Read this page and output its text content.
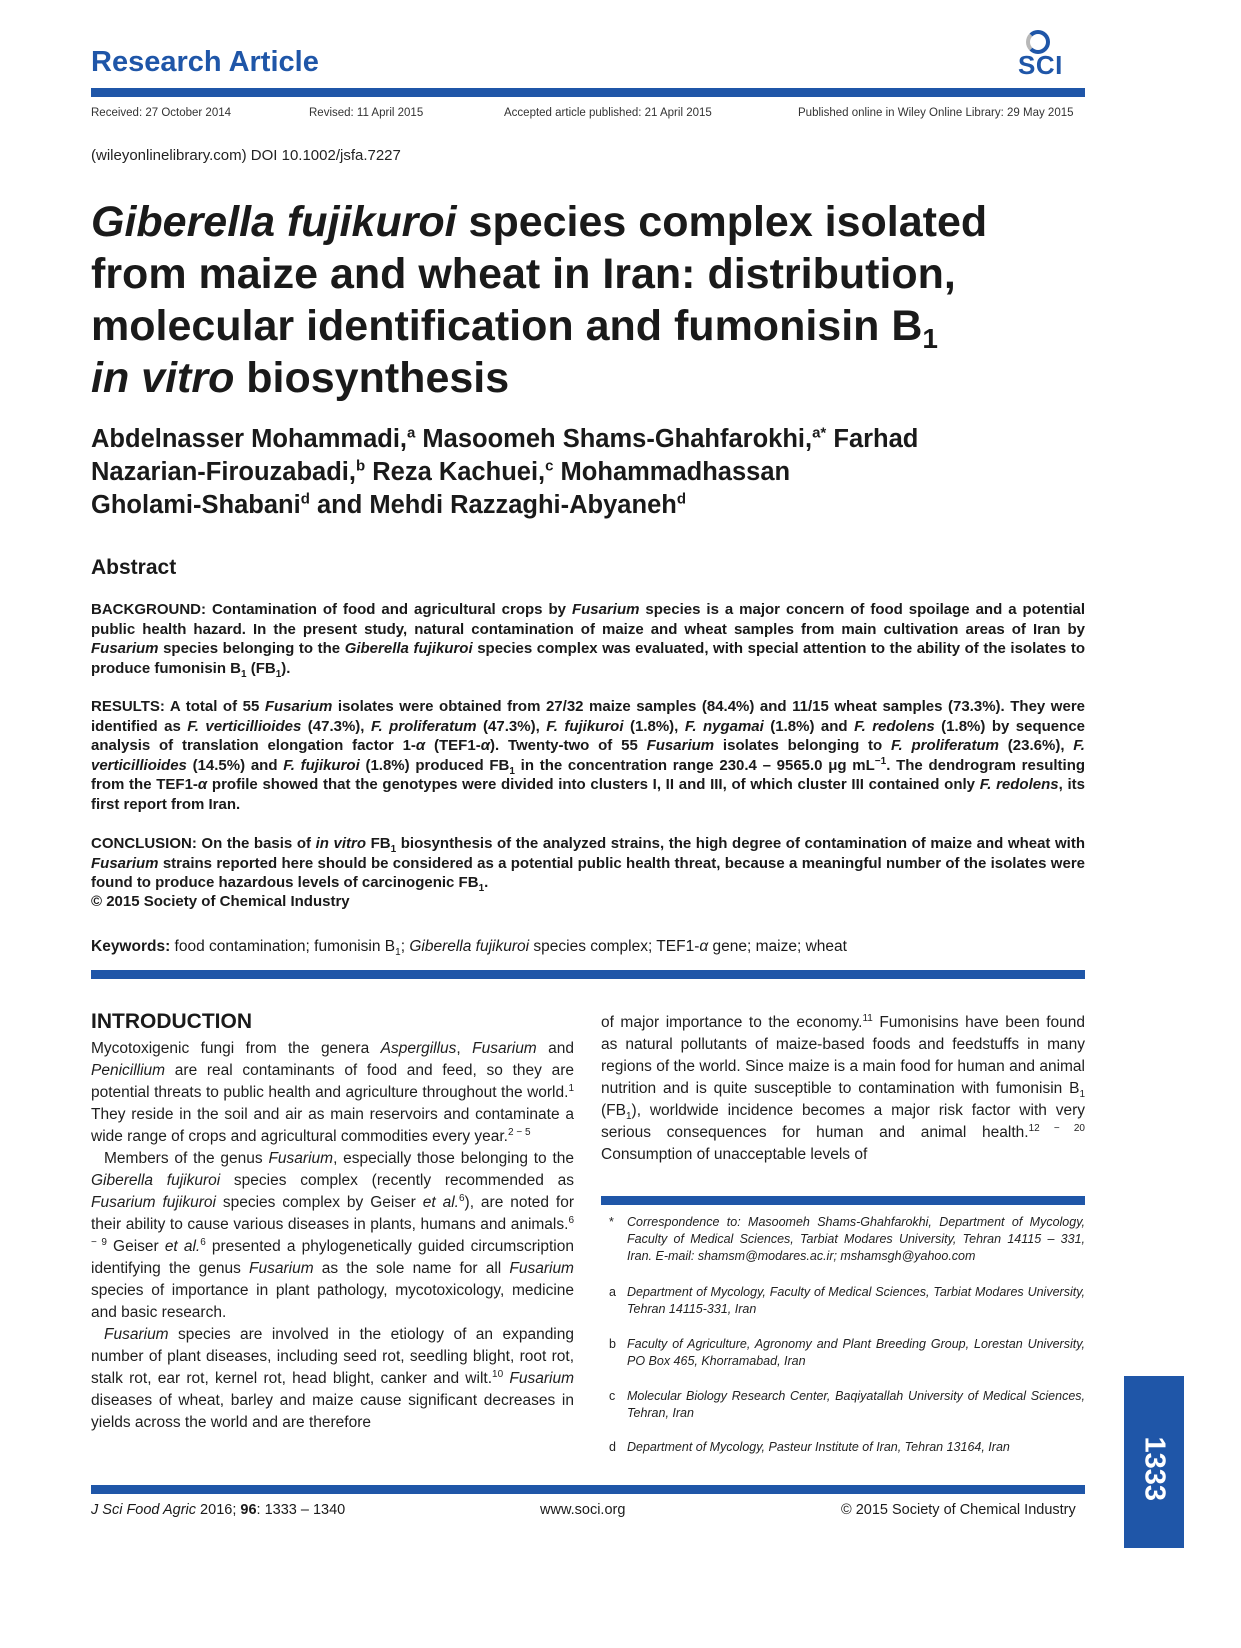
Research Article	SCI
Received: 27 October 2014	Revised: 11 April 2015	Accepted article published: 21 April 2015	Published online in Wiley Online Library: 29 May 2015
(wileyonlinelibrary.com) DOI 10.1002/jsfa.7227
Giberella fujikuroi species complex isolated
from maize and wheat in Iran: distribution,
molecular identification and fumonisin $B_1$
in vitro biosynthesis

Abdelnasser Mohammadi,$^a$ Masoomeh Shams-Ghahfarokhi,$^{a*}$ Farhad
Nazarian-Firouzabadi,$^b$ Reza Kachuei,$^c$ Mohammadhassan
Gholami-Shabani$^d$ and Mehdi Razzaghi-Abyaneh$^d$

Abstract

BACKGROUND: Contamination of food and agricultural crops by Fusarium species is a major concern of food spoilage and a potential public health hazard. In the present study, natural contamination of maize and wheat samples from main cultivation areas of Iran by Fusarium species belonging to the Giberella fujikuroi species complex was evaluated, with special attention to the ability of the isolates to produce fumonisin $B_1$ $(FB_1)$.

RESULTS: A total of 55 Fusarium isolates were obtained from 27/32 maize samples (84.4%) and 11/15 wheat samples (73.3%). They were identified as F. verticillioides (47.3%), F. proliferatum (47.3%), F. fujikuroi (1.8%), F. nygamai (1.8%) and F. redolens (1.8%) by sequence analysis of translation elongation factor 1-α (TEF1-α). Twenty-two of 55 Fusarium isolates belonging to F. proliferatum (23.6%), F. verticillioides (14.5%) and F. fujikuroi (1.8%) produced $FB_1$ in the concentration range 230.4 – 9565.0 μg $mL^{-1}$. The dendrogram resulting from the TEF1-α profile showed that the genotypes were divided into clusters I, II and III, of which cluster III contained only F. redolens, its first report from Iran.

CONCLUSION: On the basis of in vitro $FB_1$ biosynthesis of the analyzed strains, the high degree of contamination of maize and wheat with Fusarium strains reported here should be considered as a potential public health threat, because a meaningful number of the isolates were found to produce hazardous levels of carcinogenic $FB_1$.

© 2015 Society of Chemical Industry
Keywords: food contamination; fumonisin $B_1$; Giberella fujikuroi species complex; TEF1-α gene; maize; wheat
INTRODUCTION

Mycotoxigenic fungi from the genera Aspergillus, Fusarium and Penicillium are real contaminants of food and feed, so they are potential threats to public health and agriculture throughout the world.$^1$ They reside in the soil and air as main reservoirs and contaminate a wide range of crops and agricultural commodities every year.$^{2 - 5}$

Members of the genus Fusarium, especially those belonging to the Giberella fujikuroi species complex (recently recommended as Fusarium fujikuroi species complex by Geiser et al.$^6$), are noted for their ability to cause various diseases in plants, humans and animals.$^{6 - 9}$ Geiser et al.$^6$ presented a phylogenetically guided circumscription identifying the genus Fusarium as the sole name for all Fusarium species of importance in plant pathology, mycotoxicology, medicine and basic research.

Fusarium species are involved in the etiology of an expanding number of plant diseases, including seed rot, seedling blight, root rot, stalk rot, ear rot, kernel rot, head blight, canker and wilt.$^{10}$ Fusarium diseases of wheat, barley and maize cause significant decreases in yields across the world and are therefore

of major importance to the economy.$^{11}$ Fumonisins have been found as natural pollutants of maize-based foods and feedstuffs in many regions of the world. Since maize is a main food for human and animal nutrition and is quite susceptible to contamination with fumonisin $B_1$ $(FB_1)$, worldwide incidence becomes a major risk factor with very serious consequences for human and animal health.$^{12 - 20}$ Consumption of unacceptable levels of

* Correspondence to: Masoomeh Shams-Ghahfarokhi, Department of Mycology, Faculty of Medical Sciences, Tarbiat Modares University, Tehran 14115 – 331, Iran. E-mail: shamsm@modares.ac.ir; mshamsgh@yahoo.com
a Department of Mycology, Faculty of Medical Sciences, Tarbiat Modares University, Tehran 14115-331, Iran
b Faculty of Agriculture, Agronomy and Plant Breeding Group, Lorestan University, PO Box 465, Khorramabad, Iran
c Molecular Biology Research Center, Baqiyatallah University of Medical Sciences, Tehran, Iran
d Department of Mycology, Pasteur Institute of Iran, Tehran 13164, Iran
J Sci Food Agric 2016; 96: 1333 – 1340	www.soci.org	© 2015 Society of Chemical Industry
1333
